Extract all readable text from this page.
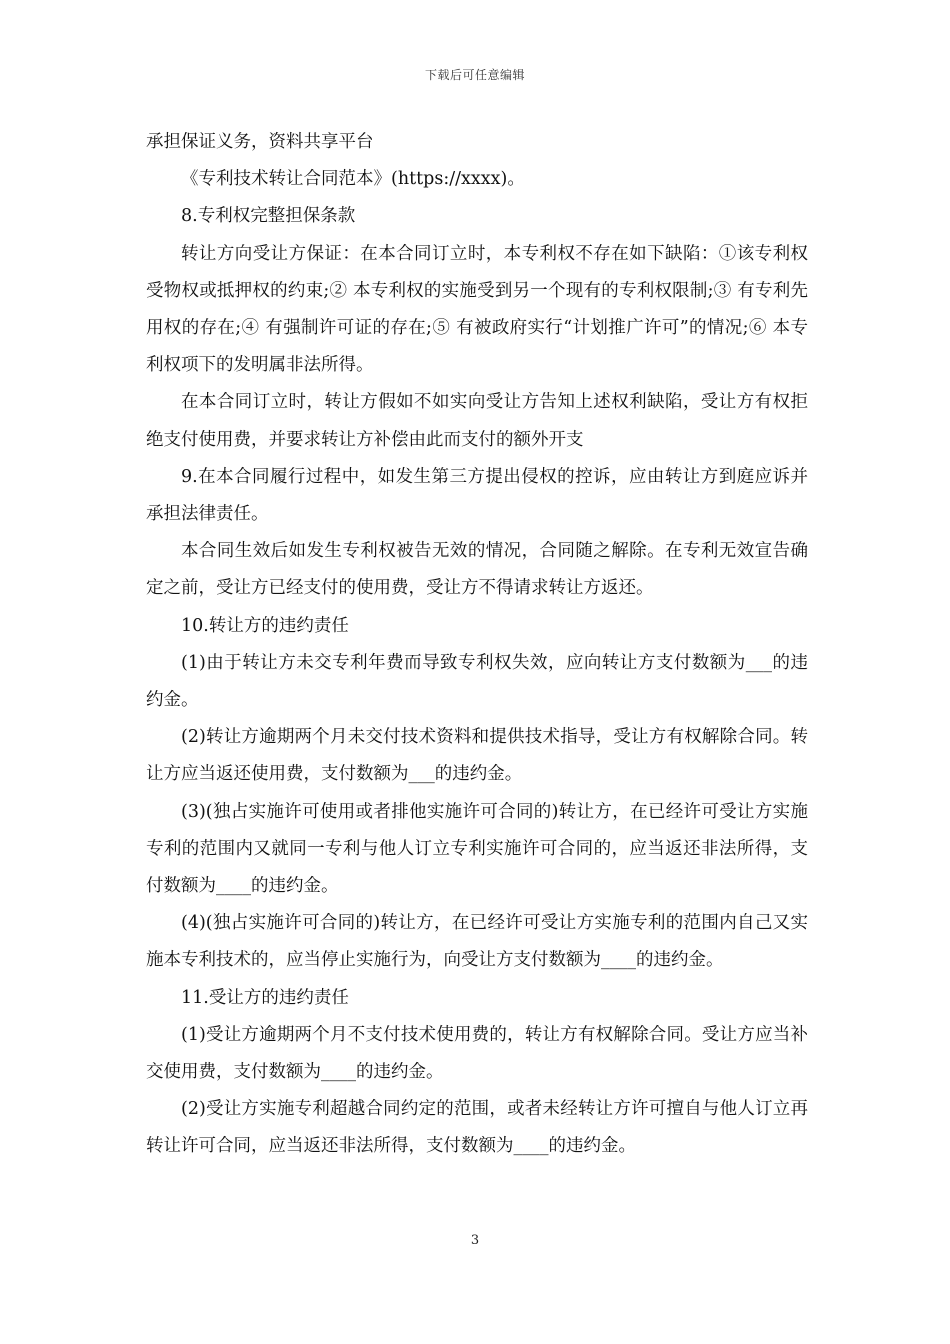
下载后可任意编辑

承担保证义务，资料共享平台

《专利技术转让合同范本》(https://xxxx)。

8.专利权完整担保条款

转让方向受让方保证：在本合同订立时，本专利权不存在如下缺陷：①该专利权受物权或抵押权的约束;② 本专利权的实施受到另一个现有的专利权限制;③ 有专利先用权的存在;④ 有强制许可证的存在;⑤ 有被政府实行“计划推广许可”的情况;⑥ 本专利权项下的发明属非法所得。

在本合同订立时，转让方假如不如实向受让方告知上述权利缺陷，受让方有权拒绝支付使用费，并要求转让方补偿由此而支付的额外开支

9.在本合同履行过程中，如发生第三方提出侵权的控诉，应由转让方到庭应诉并承担法律责任。

本合同生效后如发生专利权被告无效的情况，合同随之解除。在专利无效宣告确定之前，受让方已经支付的使用费，受让方不得请求转让方返还。

10.转让方的违约责任

(1)由于转让方未交专利年费而导致专利权失效，应向转让方支付数额为___的违约金。

(2)转让方逾期两个月未交付技术资料和提供技术指导，受让方有权解除合同。转让方应当返还使用费，支付数额为___的违约金。

(3)(独占实施许可使用或者排他实施许可合同的)转让方，在已经许可受让方实施专利的范围内又就同一专利与他人订立专利实施许可合同的，应当返还非法所得，支付数额为____的违约金。

(4)(独占实施许可合同的)转让方，在已经许可受让方实施专利的范围内自己又实施本专利技术的，应当停止实施行为，向受让方支付数额为____的违约金。

11.受让方的违约责任

(1)受让方逾期两个月不支付技术使用费的，转让方有权解除合同。受让方应当补交使用费，支付数额为____的违约金。

(2)受让方实施专利超越合同约定的范围，或者未经转让方许可擅自与他人订立再转让许可合同，应当返还非法所得，支付数额为____的违约金。

3
